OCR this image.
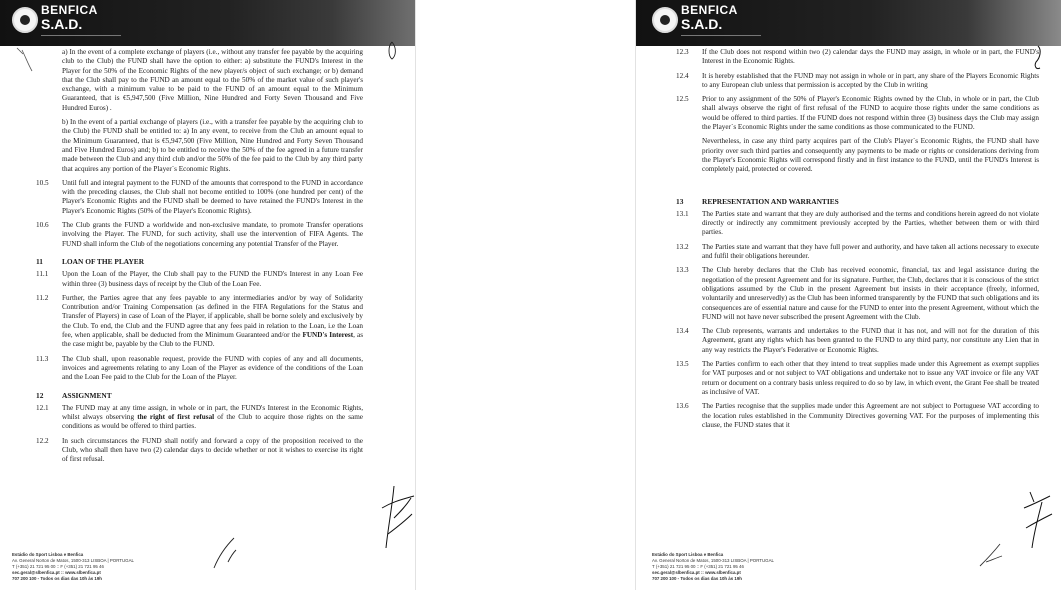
BENFICA
S.A.D.
a) In the event of a complete exchange of players (i.e., without any transfer fee payable by the acquiring club to the Club) the FUND shall have the option to either: a) substitute the FUND's Interest in the Player for the 50% of the Economic Rights of the new player/s object of such exchange; or b) demand that the Club shall pay to the FUND an amount equal to the 50% of the market value of such player's exchange, with a minimum value to be paid to the FUND of an amount equal to the Minimum Guaranteed, that is €5,947,500 (Five Million, Nine Hundred and Forty Seven Thousand and Five Hundred Euros) .
b) In the event of a partial exchange of players (i.e., with a transfer fee payable by the acquiring club to the Club) the FUND shall be entitled to: a) In any event, to receive from the Club an amount equal to the Minimum Guaranteed, that is €5,947,500 (Five Million, Nine Hundred and Forty Seven Thousand and Five Hundred Euros) and; b) to be entitled to receive the 50% of the fee agreed in a future transfer made between the Club and any third club and/or the 50% of the fee paid to the Club by any third party that acquires any portion of the Player´s Economic Rights.
10.5	Until full and integral payment to the FUND of the amounts that correspond to the FUND in accordance with the preceding clauses, the Club shall not become entitled to 100% (one hundred per cent) of the Player's Economic Rights and the FUND shall be deemed to have retained the FUND's Interest in the Player's Economic Rights (50% of the Player's Economic Rights).
10.6	The Club grants the FUND a worldwide and non-exclusive mandate, to promote Transfer operations involving the Player. The FUND, for such activity, shall use the intervention of FIFA Agents. The FUND shall inform the Club of the negotiations concerning any potential Transfer of the Player.
11	LOAN OF THE PLAYER
11.1	Upon the Loan of the Player, the Club shall pay to the FUND the FUND's Interest in any Loan Fee within three (3) business days of receipt by the Club of the Loan Fee.
11.2	Further, the Parties agree that any fees payable to any intermediaries and/or by way of Solidarity Contribution and/or Training Compensation (as defined in the FIFA Regulations for the Status and Transfer of Players) in case of Loan of the Player, if applicable, shall be borne solely and exclusively by the Club. To end, the Club and the FUND agree that any fees paid in relation to the Loan, i.e the Loan fee, when applicable, shall be deducted from the Minimum Guaranteed and/or the FUND's Interest, as the case might be, payable by the Club to the FUND.
11.3	The Club shall, upon reasonable request, provide the FUND with copies of any and all documents, invoices and agreements relating to any Loan of the Player as evidence of the conditions of the Loan and the Loan Fee paid to the Club for the Loan of the Player.
12	ASSIGNMENT
12.1	The FUND may at any time assign, in whole or in part, the FUND's Interest in the Economic Rights, whilst always observing the right of first refusal of the Club to acquire those rights on the same conditions as would be offered to third parties.
12.2	In such circumstances the FUND shall notify and forward a copy of the proposition received to the Club, who shall then have two (2) calendar days to decide whether or not it wishes to exercise its right of first refusal.
Estádio do Sport Lisboa e Benfica
Av. General Norton de Matos, 1500-313 LISBOA | PORTUGAL
T (+351) 21 721 95 00 :: F (+351) 21 721 95 46
sec.geral@slbenfica.pt :: www.slbenfica.pt
707 200 100 - Todos os dias das 10h às 19h
BENFICA
S.A.D.
12.3	If the Club does not respond within two (2) calendar days the FUND may assign, in whole or in part, the FUND's Interest in the Economic Rights.
12.4	It is hereby established that the FUND may not assign in whole or in part, any share of the Players Economic Rights to any European club unless that permission is accepted by the Club in writing
12.5	Prior to any assignment of the 50% of Player's Economic Rights owned by the Club, in whole or in part, the Club shall always observe the right of first refusal of the FUND to acquire those rights under the same conditions as would be offered to third parties. If the FUND does not respond within three (3) business days the Club may assign the Player´s Economic Rights under the same conditions as those communicated to the FUND.
Nevertheless, in case any third party acquires part of the Club's Player´s Economic Rights, the FUND shall have priority over such third parties and consequently any payments to be made or rights or considerations deriving from the Player's Economic Rights will correspond firstly and in first instance to the FUND, until the FUND's Interest is completely paid, protected or covered.
13	REPRESENTATION AND WARRANTIES
13.1	The Parties state and warrant that they are duly authorised and the terms and conditions herein agreed do not violate directly or indirectly any commitment previously accepted by the Parties, whether between them or with third parties.
13.2	The Parties state and warrant that they have full power and authority, and have taken all actions necessary to execute and fulfil their obligations hereunder.
13.3	The Club hereby declares that the Club has received economic, financial, tax and legal assistance during the negotiation of the present Agreement and for its signature. Further, the Club, declares that it is conscious of the strict obligations assumed by the Club in the present Agreement but insists in their acceptance (freely, informed, voluntarily and unreservedly) as the Club has been informed transparently by the FUND that such obligations and its consequences are of essential nature and cause for the FUND to enter into the present Agreement, without which the FUND will not have never subscribed the present Agreement with the Club.
13.4	The Club represents, warrants and undertakes to the FUND that it has not, and will not for the duration of this Agreement, grant any rights which has been granted to the FUND to any third party, nor constitute any Lien that in any way restricts the Player's Federative or Economic Rights.
13.5	The Parties confirm to each other that they intend to treat supplies made under this Agreement as exempt supplies for VAT purposes and or not subject to VAT obligations and undertake not to issue any VAT invoice or file any VAT return or document on a contrary basis unless required to do so by law, in which event, the Grant Fee shall be treated as inclusive of VAT.
13.6	The Parties recognise that the supplies made under this Agreement are not subject to Portuguese VAT according to the location rules established in the Community Directives governing VAT. For the purposes of implementing this clause, the FUND states that it
Estádio do Sport Lisboa e Benfica
Av. General Norton de Matos, 1500-313 LISBOA | PORTUGAL
T (+351) 21 721 95 00 :: F (+351) 21 721 95 46
sec.geral@slbenfica.pt :: www.slbenfica.pt
707 200 100 - Todos os dias das 10h às 19h
